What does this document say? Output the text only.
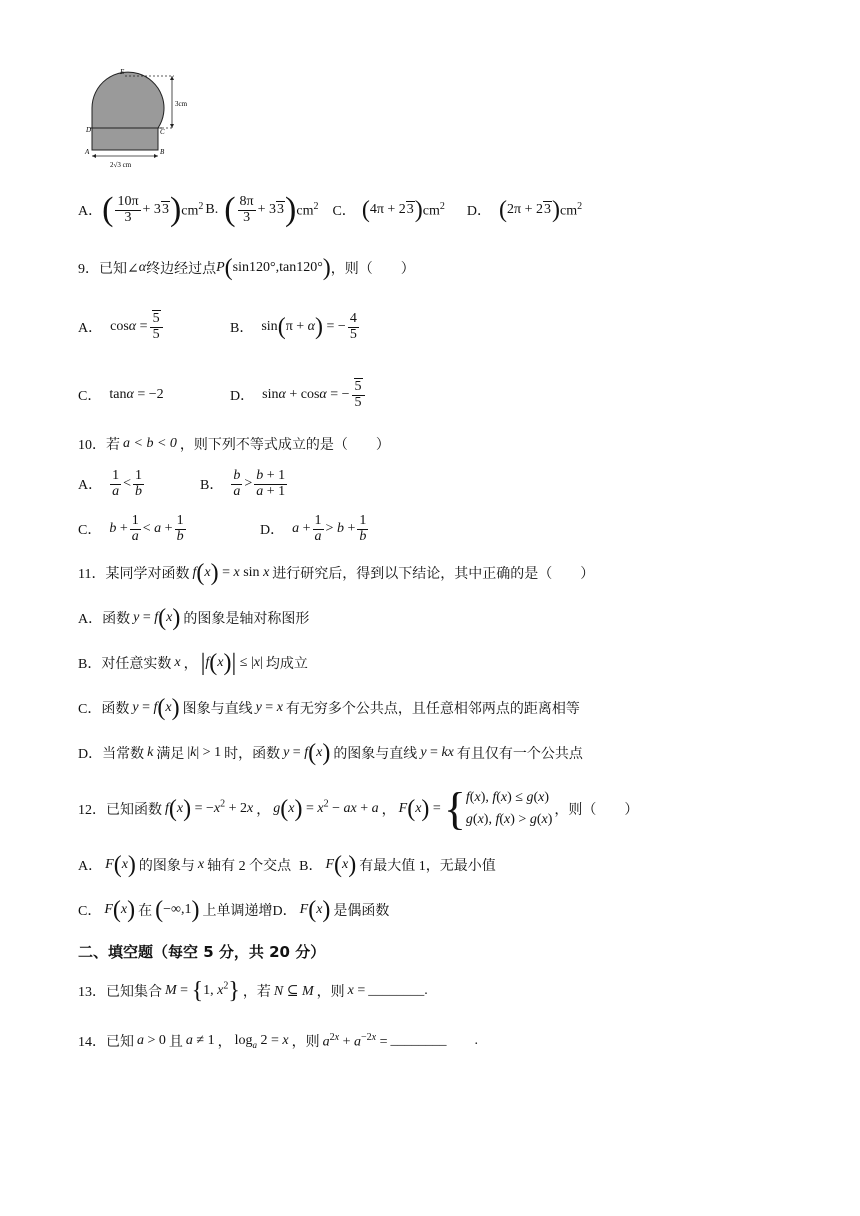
E
D	C
A	B
3cm
2√3 cm
A． ( $\frac{10\pi}{3} + 33$ ) $cm^2$ B. ( $\frac{8\pi}{3} + 33$ ) $cm^2$ C． ( 4π + 23 ) $cm^2$ D． ( 2π + 23 ) $cm^2$
9．已知∠ α 终边经过点 P ( sin120°,tan120° ) ，则（　　）
A． $\cos\alpha = \frac{5}{5}$	B． sin(π + α) = − $\frac{4}{5}$
C． tanα = −2	D． sinα + cosα = − $\frac{5}{5}$
10．若 a < b < 0 ，则下列不等式成立的是（　　）
A． $\frac{1}{a} < \frac{1}{b}$	B． $\frac{b}{a} > \frac{b + 1}{a + 1}$
C． $b + \frac{1}{a} < a + \frac{1}{b}$	D． $a + \frac{1}{a} > b + \frac{1}{b}$
11．某同学对函数 f(x) = x sin x 进行研究后，得到以下结论，其中正确的是（　　）
A．函数 y = f(x) 的图象是轴对称图形
B．对任意实数 x ， |f(x)| ≤ |x| 均成立
C．函数 y = f(x) 图象与直线 y = x 有无穷多个公共点，且任意相邻两点的距离相等
D．当常数 k 满足 |k| > 1 时，函数 y = f(x) 的图象与直线 y = kx 有且仅有一个公共点
12．已知函数 $f(x) = -x^2 + 2x$ ， $g(x) = x^2$ − ax + a ， F(x) = { f(x), f(x) ≤ g(x)
g(x), f(x) > g(x)
，则（　　）
A． F(x) 的图象与 x 轴有 2 个交点 B． F(x) 有最大值 1，无最小值
C． F(x) 在 (−∞,1) 上单调递增 D． F(x) 是偶函数
二、填空题（每空 5 分，共 20 分）
13．已知集合 M = {1, $x^2$} ，若 N ⊆ M ，则 x = ________ .
14．已知 a > 0 且 a ≠ 1 ， $\log_a 2 = x$ ，则 $a^{2x} + a^{-2x}$ = ________ .
